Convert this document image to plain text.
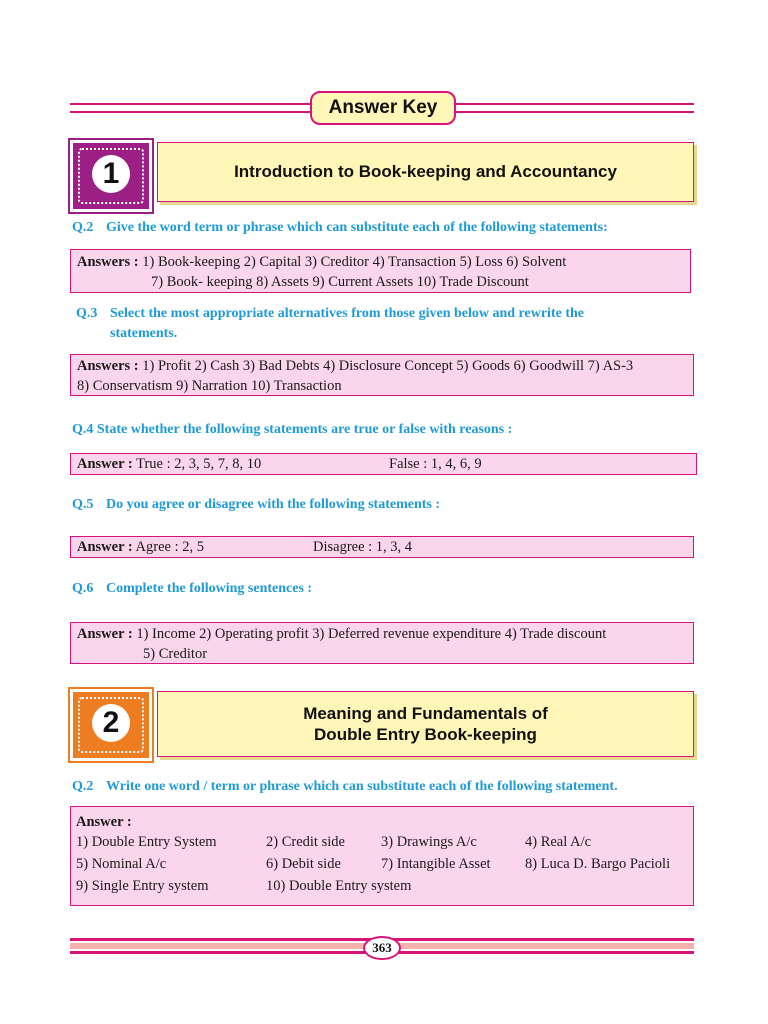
Answer Key
1	Introduction to Book-keeping and Accountancy
Q.2 Give the word term or phrase which can substitute each of the following statements:
Answers : 1) Book-keeping 2) Capital 3) Creditor 4) Transaction 5) Loss 6) Solvent
7) Book- keeping 8) Assets 9) Current Assets 10) Trade Discount
Q.3 Select the most appropriate alternatives from those given below and rewrite the
statements.
Answers : 1) Profit 2) Cash 3) Bad Debts 4) Disclosure Concept 5) Goods 6) Goodwill 7) AS-3
8) Conservatism 9) Narration 10) Transaction
Q.4 State whether the following statements are true or false with reasons :
Answer : True : 2, 3, 5, 7, 8, 10	False : 1, 4, 6, 9
Q.5 Do you agree or disagree with the following statements :
Answer : Agree : 2, 5	Disagree : 1, 3, 4
Q.6 Complete the following sentences :
Answer : 1) Income 2) Operating profit 3) Deferred revenue expenditure 4) Trade discount
5) Creditor
2	Meaning and Fundamentals of
Double Entry Book-keeping
Q.2 Write one word / term or phrase which can substitute each of the following statement.
Answer :
1) Double Entry System	2) Credit side 3) Drawings A/c	4) Real A/c
5) Nominal A/c	6) Debit side	7) Intangible Asset 8) Luca D. Bargo Pacioli
9) Single Entry system	10) Double Entry system
363
